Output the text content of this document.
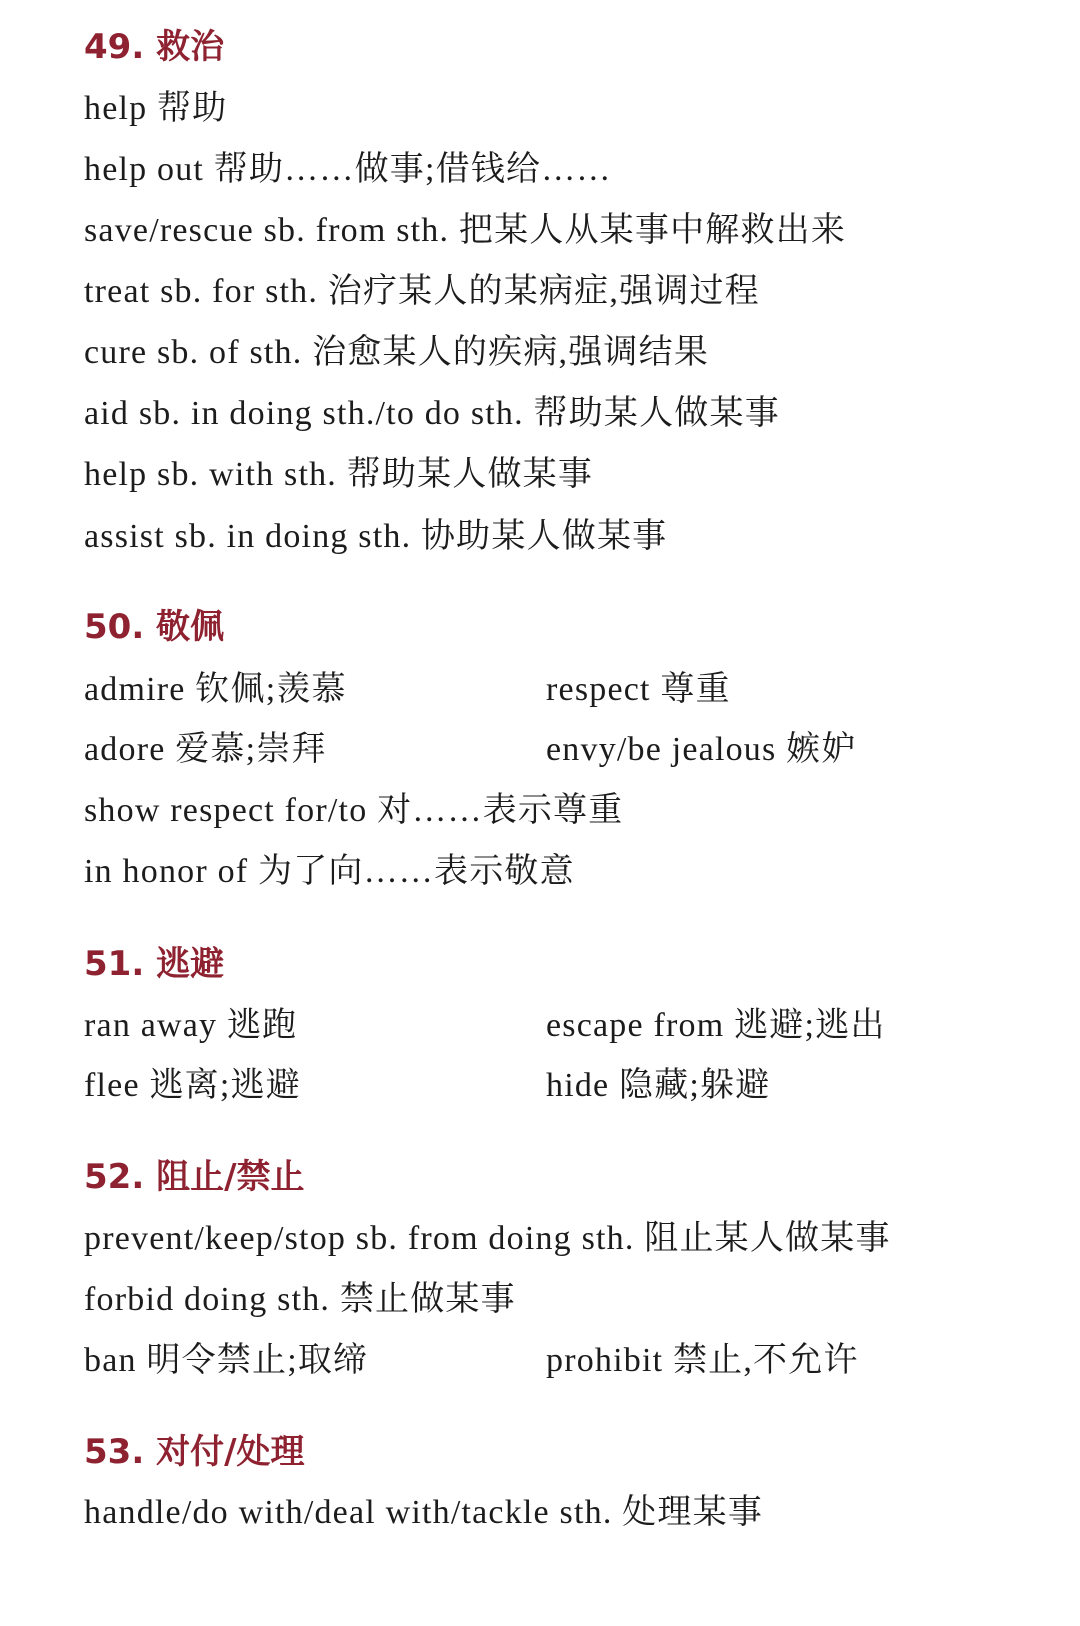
49. 救治
help 帮助
help out 帮助……做事;借钱给……
save/rescue sb. from sth. 把某人从某事中解救出来
treat sb. for sth. 治疗某人的某病症,强调过程
cure sb. of sth. 治愈某人的疾病,强调结果
aid sb. in doing sth./to do sth. 帮助某人做某事
help sb. with sth. 帮助某人做某事
assist sb. in doing sth. 协助某人做某事
50. 敬佩
admire 钦佩;羡慕	respect 尊重
adore 爱慕;崇拜	envy/be jealous 嫉妒
show respect for/to 对……表示尊重
in honor of 为了向……表示敬意
51. 逃避
ran away 逃跑	escape from 逃避;逃出
flee 逃离;逃避	hide 隐藏;躲避
52. 阻止/禁止
prevent/keep/stop sb. from doing sth. 阻止某人做某事
forbid doing sth. 禁止做某事
ban 明令禁止;取缔	prohibit 禁止,不允许
53. 对付/处理
handle/do with/deal with/tackle sth. 处理某事
